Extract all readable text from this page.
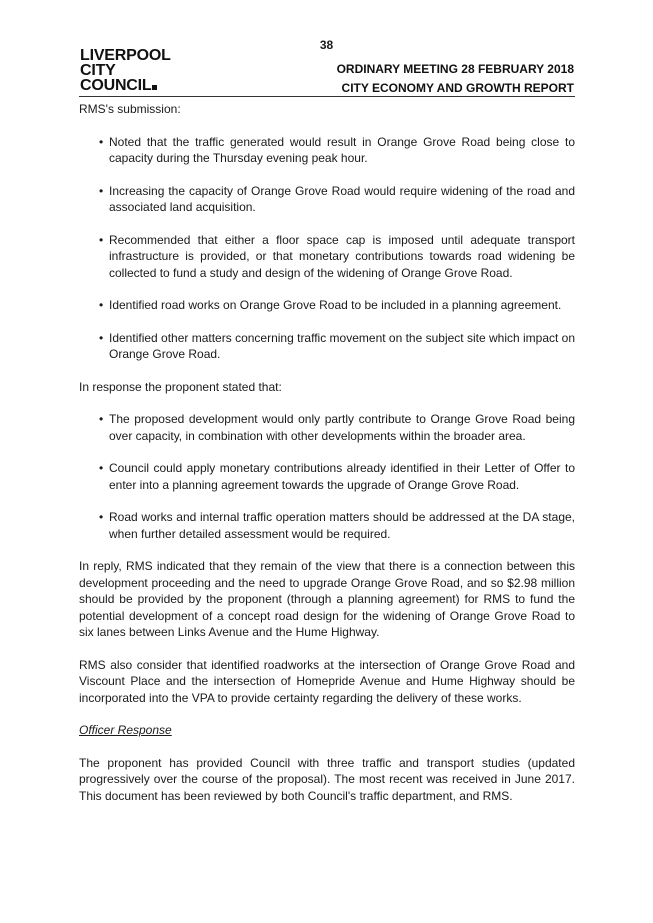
38
LIVERPOOL
CITY
COUNCIL
ORDINARY MEETING 28 FEBRUARY 2018
CITY ECONOMY AND GROWTH REPORT

RMS's submission:

• Noted that the traffic generated would result in Orange Grove Road being close to capacity during the Thursday evening peak hour.
• Increasing the capacity of Orange Grove Road would require widening of the road and associated land acquisition.
• Recommended that either a floor space cap is imposed until adequate transport infrastructure is provided, or that monetary contributions towards road widening be collected to fund a study and design of the widening of Orange Grove Road.
• Identified road works on Orange Grove Road to be included in a planning agreement.
• Identified other matters concerning traffic movement on the subject site which impact on Orange Grove Road.

In response the proponent stated that:

• The proposed development would only partly contribute to Orange Grove Road being over capacity, in combination with other developments within the broader area.
• Council could apply monetary contributions already identified in their Letter of Offer to enter into a planning agreement towards the upgrade of Orange Grove Road.
• Road works and internal traffic operation matters should be addressed at the DA stage, when further detailed assessment would be required.

In reply, RMS indicated that they remain of the view that there is a connection between this development proceeding and the need to upgrade Orange Grove Road, and so $2.98 million should be provided by the proponent (through a planning agreement) for RMS to fund the potential development of a concept road design for the widening of Orange Grove Road to six lanes between Links Avenue and the Hume Highway.

RMS also consider that identified roadworks at the intersection of Orange Grove Road and Viscount Place and the intersection of Homepride Avenue and Hume Highway should be incorporated into the VPA to provide certainty regarding the delivery of these works.

Officer Response

The proponent has provided Council with three traffic and transport studies (updated progressively over the course of the proposal). The most recent was received in June 2017. This document has been reviewed by both Council's traffic department, and RMS.
